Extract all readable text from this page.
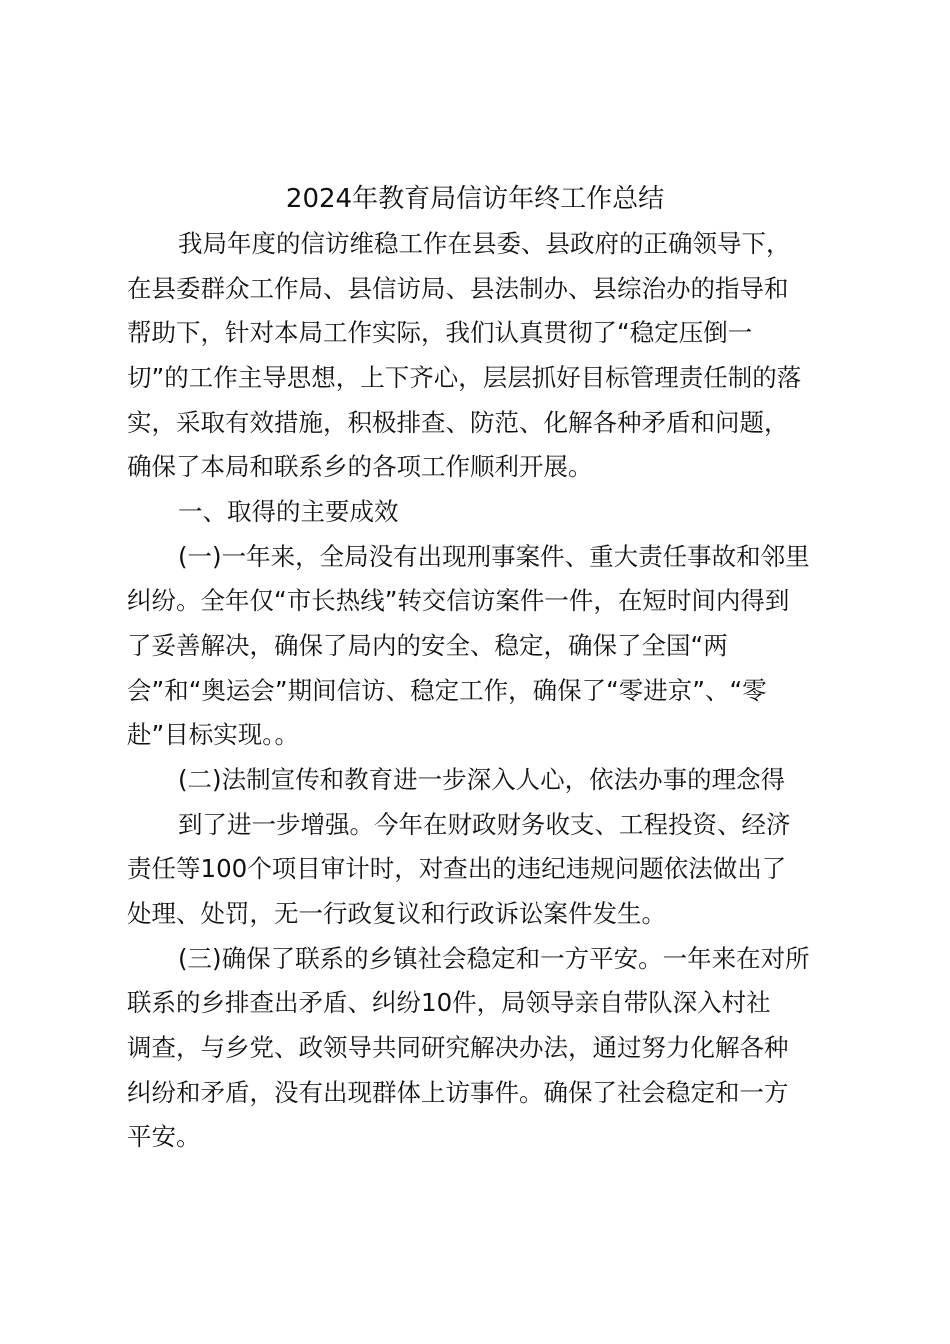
2024年教育局信访年终工作总结
我局年度的信访维稳工作在县委、县政府的正确领导下，
在县委群众工作局、县信访局、县法制办、县综治办的指导和
帮助下，针对本局工作实际，我们认真贯彻了“稳定压倒一
切”的工作主导思想，上下齐心，层层抓好目标管理责任制的落
实，采取有效措施，积极排查、防范、化解各种矛盾和问题，
确保了本局和联系乡的各项工作顺利开展。
一、取得的主要成效
(一)一年来，全局没有出现刑事案件、重大责任事故和邻里
纠纷。全年仅“市长热线”转交信访案件一件，在短时间内得到
了妥善解决，确保了局内的安全、稳定，确保了全国“两
会”和“奥运会”期间信访、稳定工作，确保了“零进京”、“零
赴”目标实现。。
(二)法制宣传和教育进一步深入人心，依法办事的理念得
到了进一步增强。今年在财政财务收支、工程投资、经济
责任等100个项目审计时，对查出的违纪违规问题依法做出了
处理、处罚，无一行政复议和行政诉讼案件发生。
(三)确保了联系的乡镇社会稳定和一方平安。一年来在对所
联系的乡排查出矛盾、纠纷10件，局领导亲自带队深入村社
调查，与乡党、政领导共同研究解决办法，通过努力化解各种
纠纷和矛盾，没有出现群体上访事件。确保了社会稳定和一方
平安。
